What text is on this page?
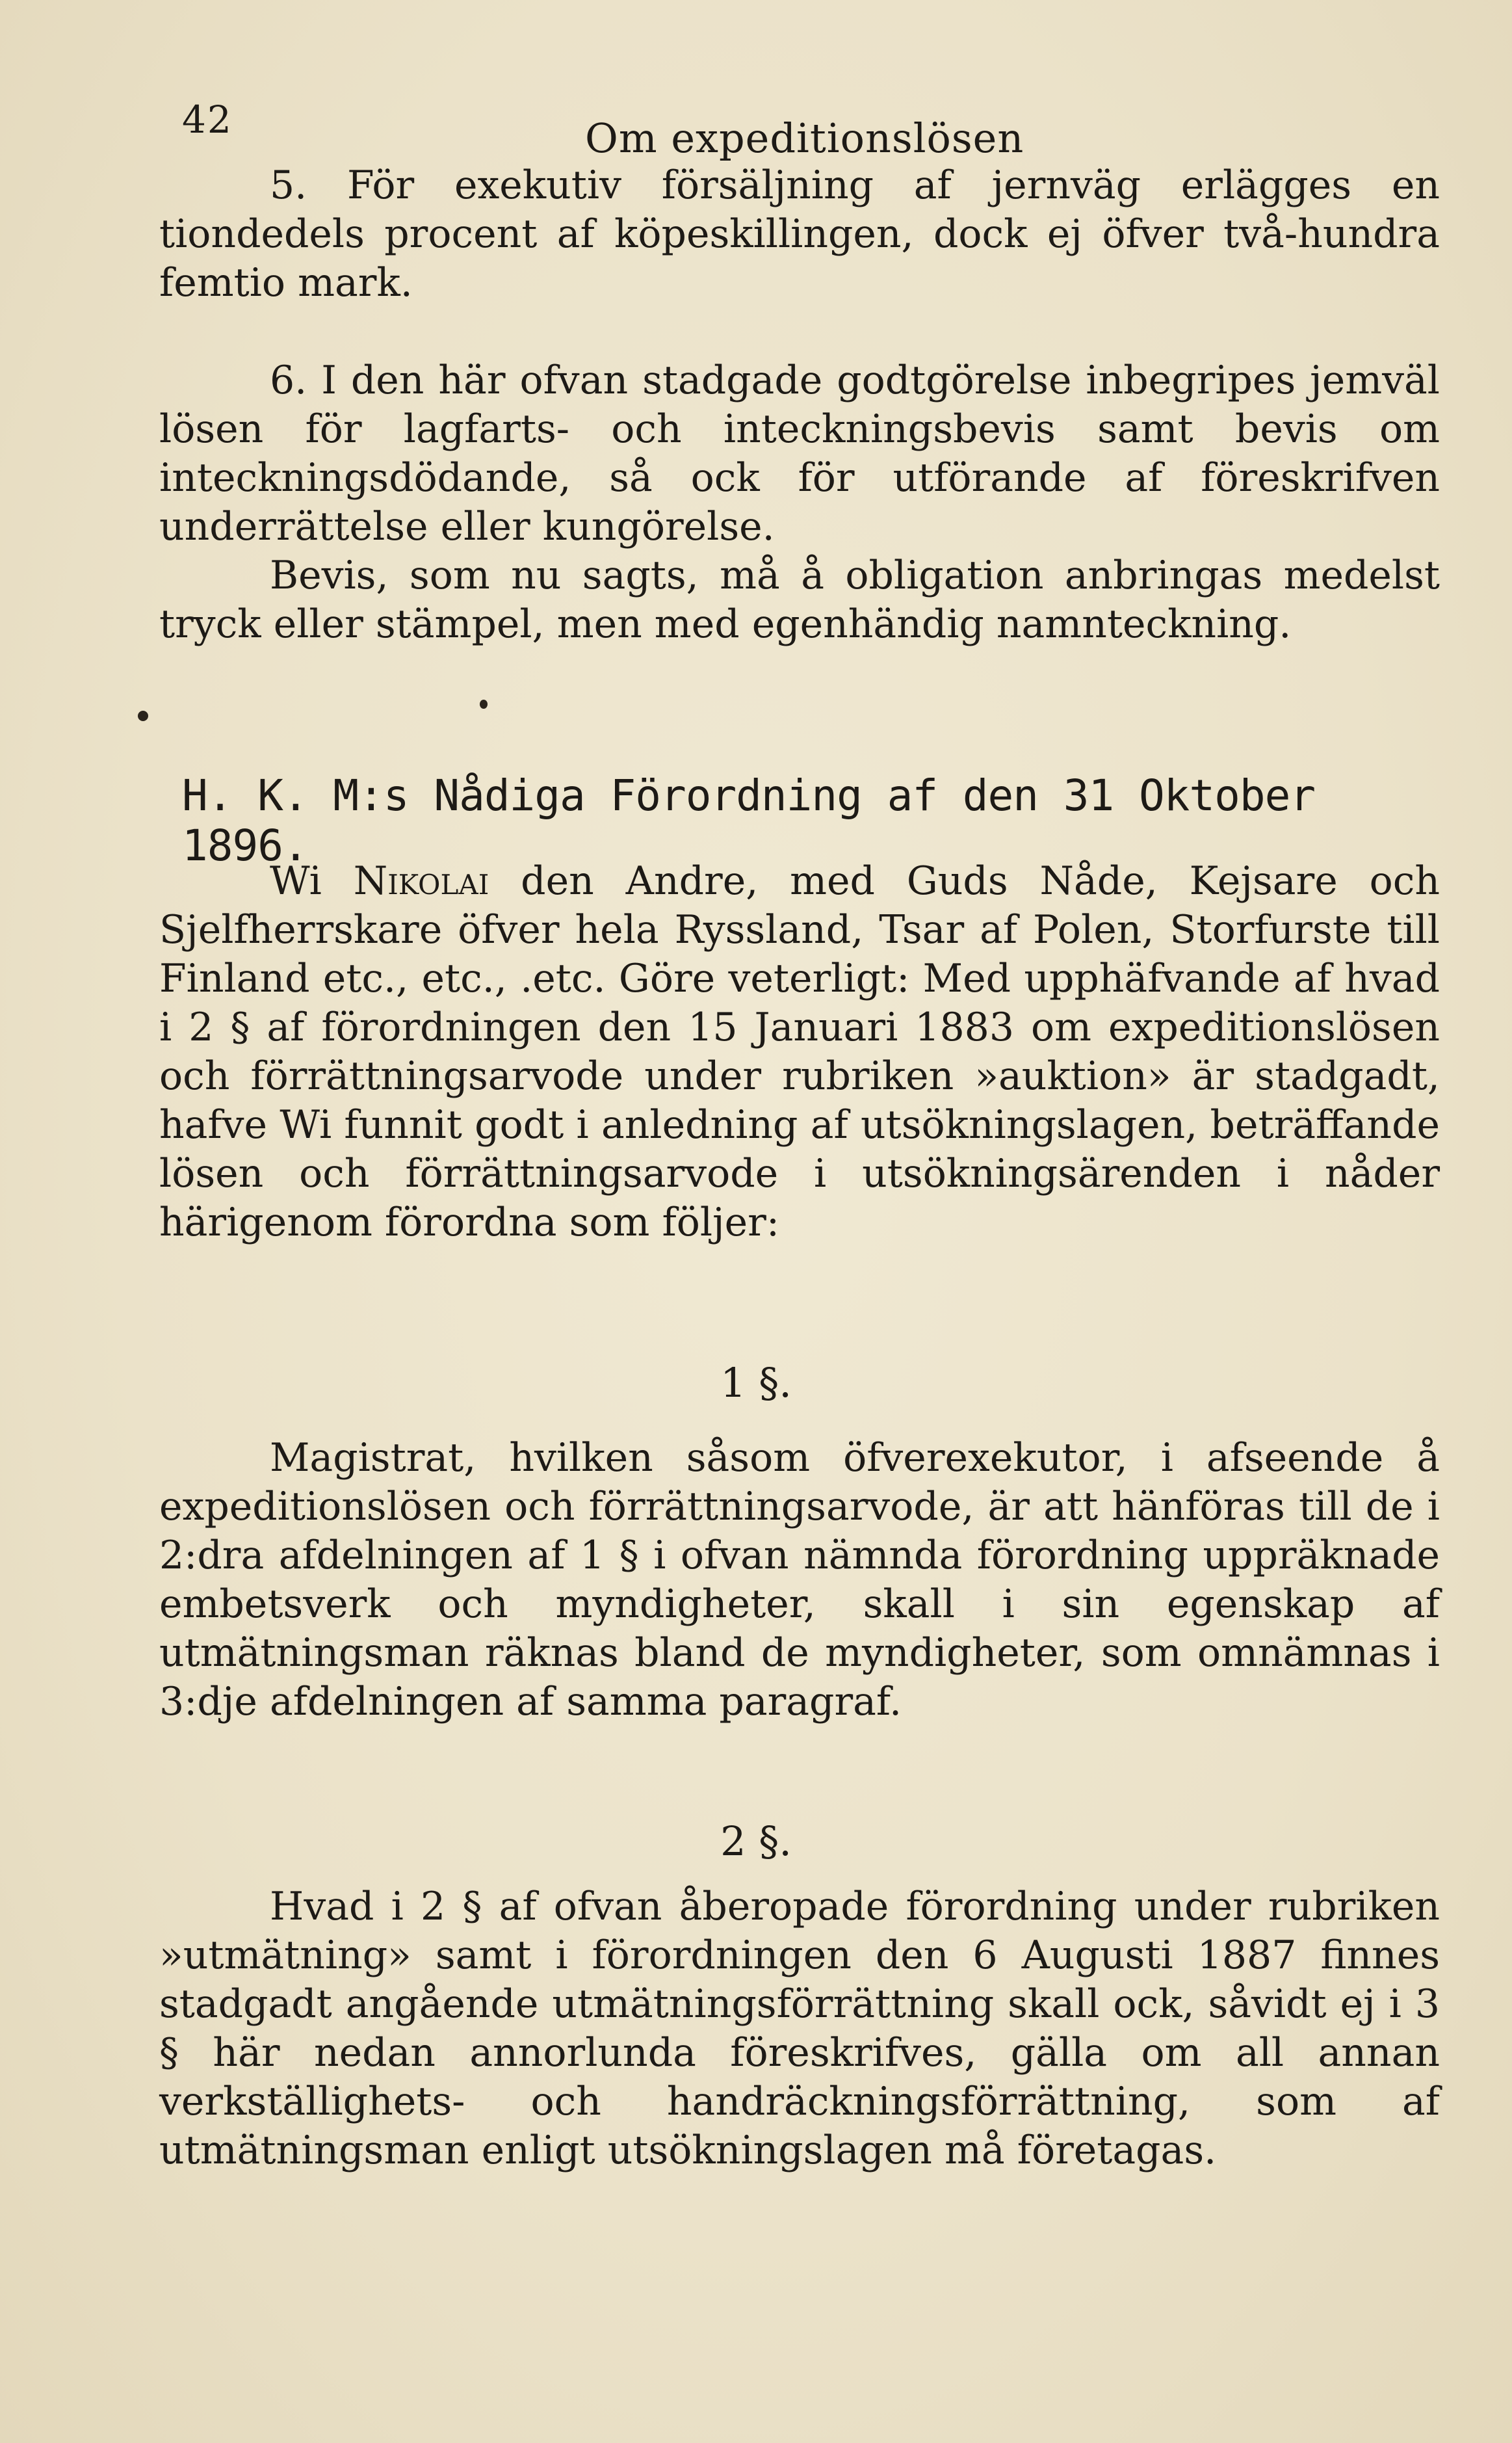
42	Om expeditionslösen

5. För exekutiv försäljning af jernväg erlägges en tiondedels procent af köpeskillingen, dock ej öfver två-hundra femtio mark.

6. I den här ofvan stadgade godtgörelse inbegripes jemväl lösen för lagfarts- och inteckningsbevis samt bevis om inteckningsdödande, så ock för utförande af föreskrifven underrättelse eller kungörelse.

Bevis, som nu sagts, må å obligation anbringas medelst tryck eller stämpel, men med egenhändig namnteckning.

H. K. M:s Nådiga Förordning af den 31 Oktober 1896.

Wi Nikolai den Andre, med Guds Nåde, Kejsare och Sjelfherrskare öfver hela Ryssland, Tsar af Polen, Storfurste till Finland etc., etc., .etc. Göre veterligt: Med upphäfvande af hvad i 2 § af förordningen den 15 Januari 1883 om expeditionslösen och förrättningsarvode under rubriken »auktion» är stadgadt, hafve Wi funnit godt i anledning af utsökningslagen, beträffande lösen och förrättningsarvode i utsökningsärenden i nåder härigenom förordna som följer:

1 §.

Magistrat, hvilken såsom öfverexekutor, i afseende å expeditionslösen och förrättningsarvode, är att hänföras till de i 2:dra afdelningen af 1 § i ofvan nämnda förordning uppräknade embetsverk och myndigheter, skall i sin egenskap af utmätningsman räknas bland de myndigheter, som omnämnas i 3:dje afdelningen af samma paragraf.

2 §.

Hvad i 2 § af ofvan åberopade förordning under rubriken »utmätning» samt i förordningen den 6 Augusti 1887 finnes stadgadt angående utmätningsförrättning skall ock, såvidt ej i 3 § här nedan annorlunda föreskrifves, gälla om all annan verkställighets- och handräckningsförrättning, som af utmätningsman enligt utsökningslagen må företagas.
